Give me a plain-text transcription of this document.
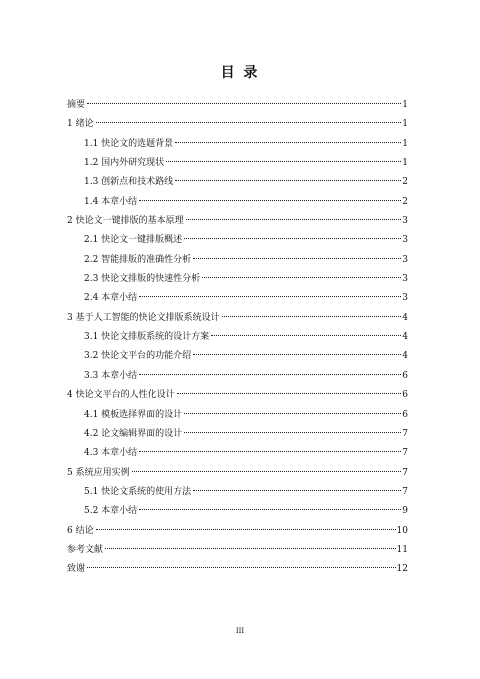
目 录
摘要	1
1 绪论	1
1.1 快论文的选题背景	1
1.2 国内外研究现状	1
1.3 创新点和技术路线	2
1.4 本章小结	2
2 快论文一键排版的基本原理	3
2.1 快论文一键排版概述	3
2.2 智能排版的准确性分析	3
2.3 快论文排版的快速性分析	3
2.4 本章小结	3
3 基于人工智能的快论文排版系统设计	4
3.1 快论文排版系统的设计方案	4
3.2 快论文平台的功能介绍	4
3.3 本章小结	6
4 快论文平台的人性化设计	6
4.1 模板选择界面的设计	6
4.2 论文编辑界面的设计	7
4.3 本章小结	7
5 系统应用实例	7
5.1 快论文系统的使用方法	7
5.2 本章小结	9
6 结论	10
参考文献	11
致谢	12
III
